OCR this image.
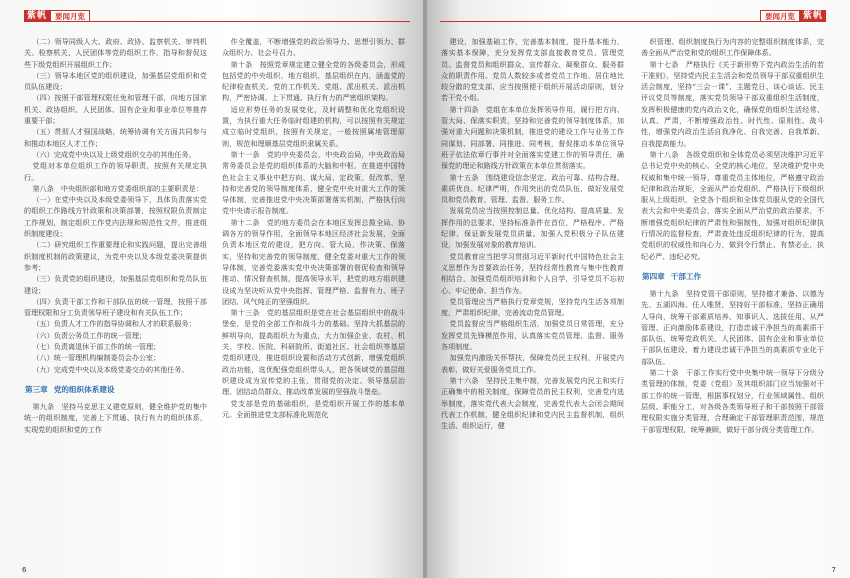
紫帆	要闻月览

（二）领导同级人大、政府、政协、监察机关、审判机关、检察机关、人民团体等党的组织工作，指导和督促这些下级党组织开展组织工作；

（三）领导本地区党的组织建设，加强基层党组织和党员队伍建设；

（四）按照干部管理权限任免和管理干部，向地方国家机关、政协组织、人民团体、国有企业和事业单位等推荐重要干部；

（五）贯彻人才强国战略，统筹协调有关方面共同参与和推动本地区人才工作；

（六）完成党中央以及上级党组织交办的其他任务。

党组对本单位组织工作的领导职责，按照有关规定执行。

第八条　中央组织部和地方党委组织部的主要职责是：

（一）在党中央以及本级党委领导下，具体负责落实党的组织工作路线方针政策和决策部署，按照权限负责制定工作规划，制定组织工作党内法规和规范性文件，推进组织制度建设；

（二）研究组织工作重要理论和实践问题，提出完善组织制度机制的政策建议，为党中央以及本级党委决策提供参考；

（三）负责党的组织建设，加强基层党组织和党员队伍建设；

（四）负责干部工作和干部队伍的统一管理，按照干部管理权限和分工负责领导班子建设和有关队伍工作；

（五）负责人才工作的指导协调和人才的联系服务；

（六）负责公务员工作的统一管理；

（七）负责离退休干部工作的统一管理；

（八）统一管理机构编制委员会办公室；

（九）完成党中央以及本级党委交办的其他任务。

第三章 党的组织体系建设

第九条　坚持马克思主义建党原则，健全维护党的集中统一的组织制度，完善上下贯通、执行有力的组织体系，实现党的组织和党的工作

作全覆盖，不断增强党的政治领导力、思想引领力、群众组织力、社会号召力。

第十条　按照党章规定建立健全党的各级委员会，形成包括党的中央组织、地方组织、基层组织在内，涵盖党的纪律检查机关、党的工作机关、党组、派出机关、派出机构，严密协调、上下贯通、执行有力的严密组织架构。

适应形势任务的发展变化，及时调整和优化党组织设置，为执行重大任务临时组建的机构，可以按照有关规定成立临时党组织，按照有关规定，一般按照属地管理原则，规范和理顺基层党组织隶属关系。

第十一条　党的中央委员会，中央政治局，中央政治局常务委员会是党的组织体系的大脑和中枢，在推进中国特色社会主义事业中把方向、谋大局、定政策、促改革，坚持和完善党的领导制度体系，健全党中央对重大工作的领导体制，完善推进党中央决策部署落实机制，严格执行向党中央请示报告制度。

第十二条　党的地方委员会在本地区发挥总揽全局、协调各方的领导作用，全面领导本地区经济社会发展，全面负责本地区党的建设，把方向、管大局、作决策、保落实，坚持和完善党的领导制度，健全党委对重大工作的领导体制，完善党委落实党中央决策部署的督促检查和领导推动、情况督查机制，提高领导水平，把党的地方组织建设成为坚决听从党中央指挥、管理严格、监督有力、班子团结、风气纯正的坚强组织。

第十三条　党的基层组织是党在社会基层组织中的战斗堡垒，是党的全部工作和战斗力的基础。坚持大抓基层的鲜明导向，提高组织力为重点，大力加强企业、农村、机关、学校、医院、科研院所、街道社区、社会组织等基层党组织建设，推进组织设置和活动方式创新，增强党组织政治功能，选优配强党组织带头人，把各领域党的基层组织建设成为宣传党的主张、贯彻党的决定、领导基层治理、团结动员群众、推动改革发展的坚强战斗堡垒。

党支部是党的基础组织，是党组织开展工作的基本单元。全面推进党支部标准化规范化

6
要闻月览 紫帆

建设，加强基础工作，完善基本制度，提升基本能力，落实基本保障，充分发挥党支部直接教育党员、管理党员、监督党员和组织群众、宣传群众、凝聚群众、服务群众的职责作用。党员人数较多或者党员工作地、居住地比较分散的党支部，应当按照便于组织开展活动原则，划分若干党小组。

第十四条　党组在本单位发挥领导作用，履行把方向、管大局、保落实职责，坚持和完善党的领导制度体系，加强对重大问题和决策机制，推进党的建设工作与业务工作同谋划、同部署、同推进、同考核，督促推动本单位领导班子依法依章行事并对全面落实党建工作的领导责任，确保党的理论和路线方针政策在本单位贯彻落实。

第十五条　围绕建设信念坚定、政治可靠、结构合理、素质优良、纪律严明，作用突出的党员队伍，做好发展党员和党员教育、管理、监督、服务工作。

发展党员应当按照控制总量、优化结构、提高质量、发挥作用的总要求，坚持标准条件在首位，严格程序、严格纪律、保证新发展党员质量。加强入党积极分子队伍建设，加强发展对象的教育培训。

党员教育应当把学习贯彻习近平新时代中国特色社会主义思想作为首要政治任务，坚持经常性教育与集中性教育相结合，加强党员组织培训和个人自学，引导党员不忘初心、牢记使命、担当作为。

党员管理应当严格执行党章党规，坚持党内生活各项制度，严肃组织纪律，完善流动党员管理。

党员监督应当严格组织生活，加强党员日常管理，充分发挥党员先锋模范作用，认真落实党员管理、监督、服务各项制度。

加强党内激励关怀帮扶，保障党员民主权利，开展党内表彰，做好关爱服务党员工作。

第十六条　坚持民主集中制，完善发展党内民主和实行正确集中的相关制度，保障党员的民主权利，完善党内选举制度，落实党代表大会制度，完善党代表大会闭会期间代表工作机制，健全组织纪律和党内民主监督机制，组织生活、组织运行，健

织管理、组织制度执行为内容的完整组织制度体系，完善全面从严治党和党的组织工作保障体系。

第十七条　严格执行《关于新形势下党内政治生活的若干准则》，坚持党内民主生活会和党员领导干部双重组织生活会制度，坚持“三会一课”、主题党日、谈心谈话、民主评议党员等制度，落实党员领导干部双重组织生活制度，发挥积极健康的党内政治文化，确保党的组织生活经常、认真、严肃，不断增强政治性、时代性、原则性、战斗性，增强党内政治生活自我净化、自我完善、自我革新、自我提高能力。

第十八条　各级党组织和全体党员必须坚决维护习近平总书记党中央的核心、全党的核心地位，坚决维护党中央权威和集中统一领导，尊重党员主体地位，严格遵守政治纪律和政治规矩，全面从严治党组织、严格执行下级组织服从上级组织，全党各个组织和全体党员服从党的全国代表大会和中央委员会，落实全面从严治党的政治要求，不断增强党组织纪律的严肃性和强制性，加强对组织纪律执行情况的监督检查，严肃查处违反组织纪律的行为，提高党组织的权威性和向心力，做到令行禁止、有禁必止，执纪必严、违纪必究。

第四章 干部工作

第十九条　坚持党管干部原则，坚持德才兼备、以德为先、五湖四海、任人唯贤，坚持好干部标准，坚持正确用人导向，统筹干部素质培养、知事识人、选拔任用、从严管理、正向激励体系建设，打造忠诚干净担当的高素质干部队伍，统筹党政机关、人民团体、国有企业和事业单位干部队伍建设，着力建设忠诚干净担当的高素质专业化干部队伍。

第二十条　干部工作实行党中央集中统一领导下分级分类管理的体制，党委（党组）及其组织部门应当加强对干部工作的统一管理，根据事权划分，行业领域属性、组织层级、职能分工，对各级各类领导班子和干部按照干部管理权限实施分类管理，合理确定干部管理职责范围，规范干部管理权限，统筹兼顾，做好干部分级分类管理工作。

7
